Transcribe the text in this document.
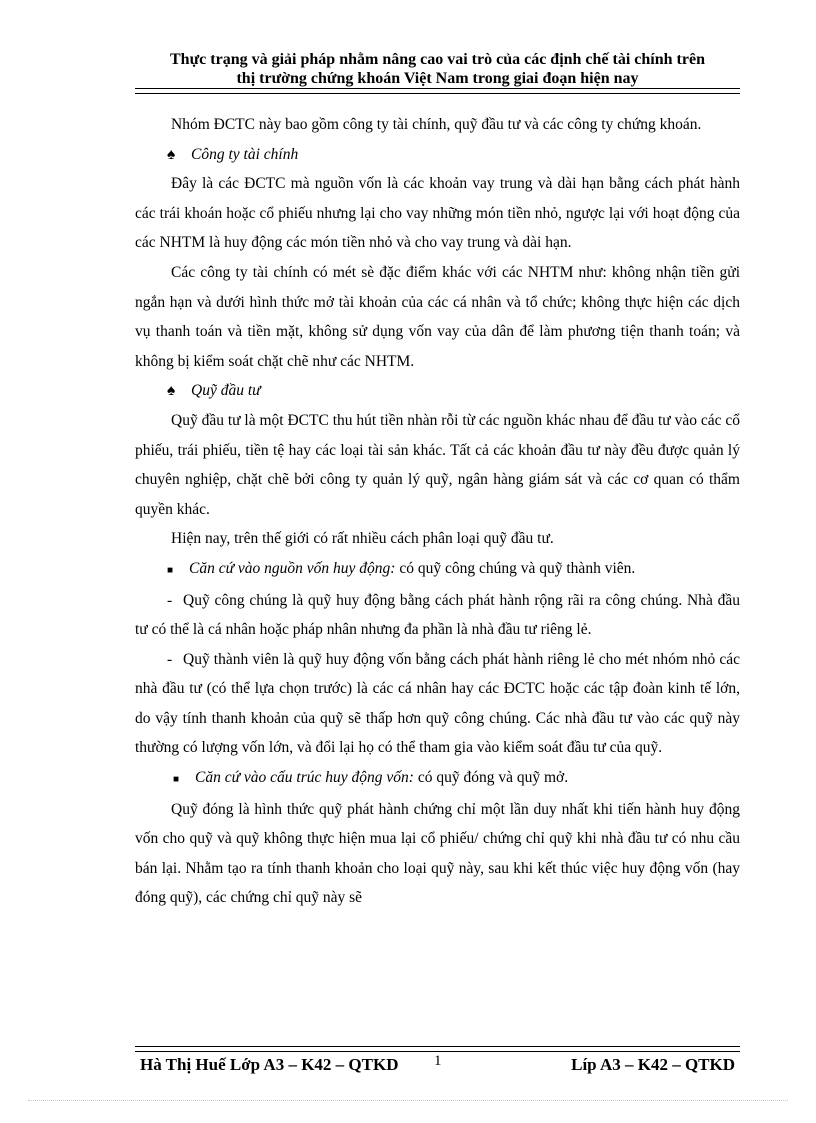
Thực trạng và giải pháp nhằm nâng cao vai trò của các định chế tài chính trên
thị trường chứng khoán Việt Nam trong giai đoạn hiện nay

Nhóm ĐCTC này bao gồm công ty tài chính, quỹ đầu tư và các công ty chứng khoán.

♠ Công ty tài chính

Đây là các ĐCTC mà nguồn vốn là các khoản vay trung và dài hạn bằng cách phát hành các trái khoán hoặc cổ phiếu nhưng lại cho vay những món tiền nhỏ, ngược lại với hoạt động của các NHTM là huy động các món tiền nhỏ và cho vay trung và dài hạn.

Các công ty tài chính có mét sè đặc điểm khác với các NHTM như: không nhận tiền gửi ngắn hạn và dưới hình thức mở tài khoản của các cá nhân và tổ chức; không thực hiện các dịch vụ thanh toán và tiền mặt, không sử dụng vốn vay của dân để làm phương tiện thanh toán; và không bị kiểm soát chặt chẽ như các NHTM.

♠ Quỹ đầu tư

Quỹ đầu tư là một ĐCTC thu hút tiền nhàn rỗi từ các nguồn khác nhau để đầu tư vào các cổ phiếu, trái phiếu, tiền tệ hay các loại tài sản khác. Tất cả các khoản đầu tư này đều được quản lý chuyên nghiệp, chặt chẽ bởi công ty quản lý quỹ, ngân hàng giám sát và các cơ quan có thẩm quyền khác.

Hiện nay, trên thế giới có rất nhiều cách phân loại quỹ đầu tư.

■ Căn cứ vào nguồn vốn huy động: có quỹ công chúng và quỹ thành viên.

- Quỹ công chúng là quỹ huy động bằng cách phát hành rộng rãi ra công chúng. Nhà đầu tư có thể là cá nhân hoặc pháp nhân nhưng đa phần là nhà đầu tư riêng lẻ.

- Quỹ thành viên là quỹ huy động vốn bằng cách phát hành riêng lẻ cho mét nhóm nhỏ các nhà đầu tư (có thể lựa chọn trước) là các cá nhân hay các ĐCTC hoặc các tập đoàn kinh tế lớn, do vậy tính thanh khoản của quỹ sẽ thấp hơn quỹ công chúng. Các nhà đầu tư vào các quỹ này thường có lượng vốn lớn, và đổi lại họ có thể tham gia vào kiểm soát đầu tư của quỹ.

■ Căn cứ vào cấu trúc huy động vốn: có quỹ đóng và quỹ mở.

Quỹ đóng là hình thức quỹ phát hành chứng chỉ một lần duy nhất khi tiến hành huy động vốn cho quỹ và quỹ không thực hiện mua lại cổ phiếu/ chứng chỉ quỹ khi nhà đầu tư có nhu cầu bán lại. Nhằm tạo ra tính thanh khoản cho loại quỹ này, sau khi kết thúc việc huy động vốn (hay đóng quỹ), các chứng chỉ quỹ này sẽ

Hà Thị Huế Lớp A3 – K42 – QTKD 1	Líp A3 – K42 – QTKD
